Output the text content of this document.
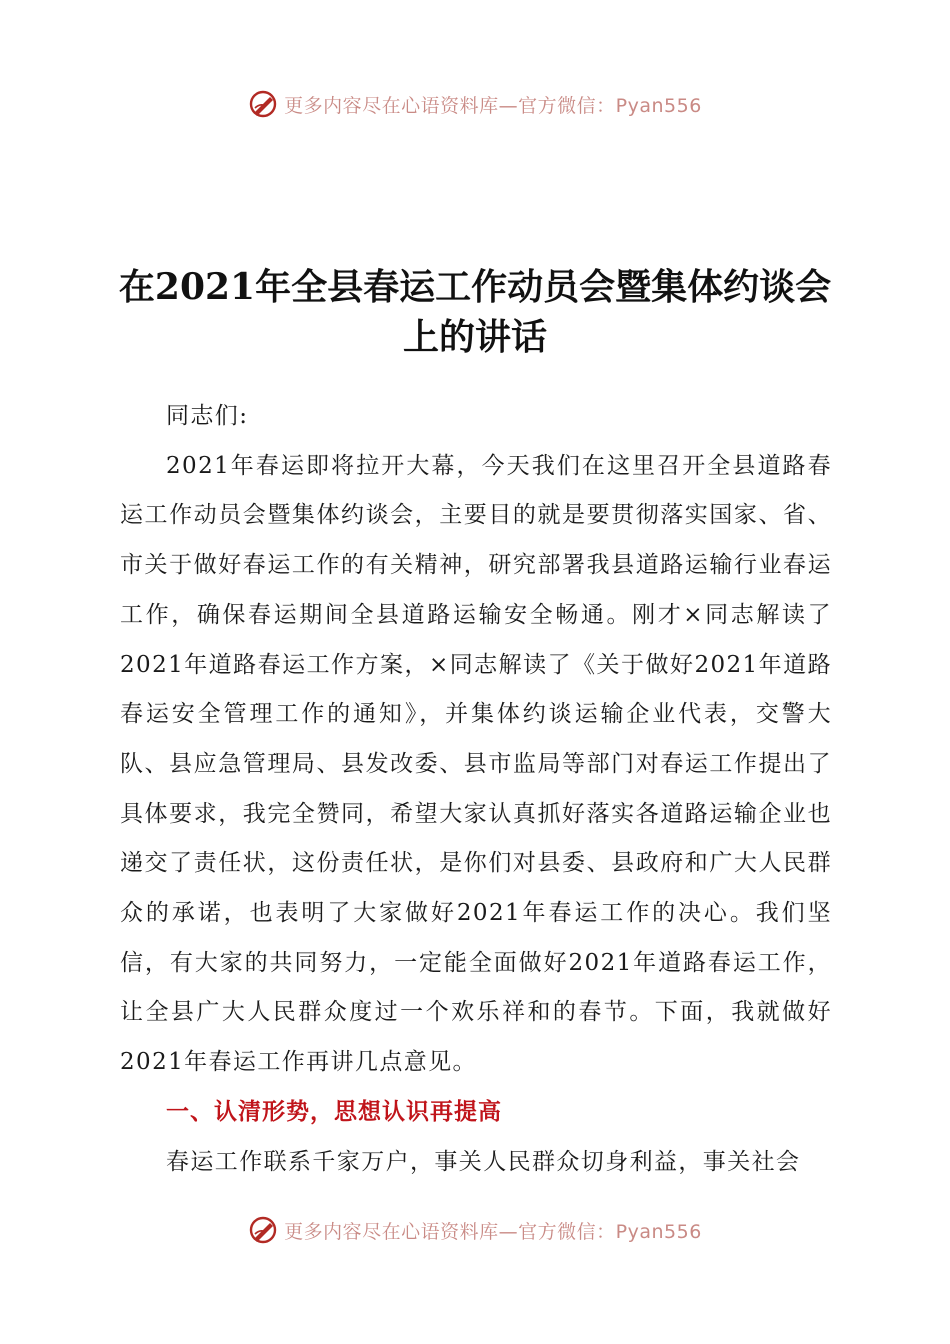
更多内容尽在心语资料库—官方微信：Pyan556
在2021年全县春运工作动员会暨集体约谈会
上的讲话

同志们:

2021年春运即将拉开大幕，今天我们在这里召开全县道路春运工作动员会暨集体约谈会，主要目的就是要贯彻落实国家、省、市关于做好春运工作的有关精神，研究部署我县道路运输行业春运工作，确保春运期间全县道路运输安全畅通。刚才×同志解读了2021年道路春运工作方案，×同志解读了《关于做好2021年道路春运安全管理工作的通知》，并集体约谈运输企业代表，交警大队、县应急管理局、县发改委、县市监局等部门对春运工作提出了具体要求，我完全赞同，希望大家认真抓好落实各道路运输企业也递交了责任状，这份责任状，是你们对县委、县政府和广大人民群众的承诺，也表明了大家做好2021年春运工作的决心。我们坚信，有大家的共同努力，一定能全面做好2021年道路春运工作，让全县广大人民群众度过一个欢乐祥和的春节。下面，我就做好2021年春运工作再讲几点意见。

一、认清形势，思想认识再提高

春运工作联系千家万户，事关人民群众切身利益，事关社会

更多内容尽在心语资料库—官方微信：Pyan556
